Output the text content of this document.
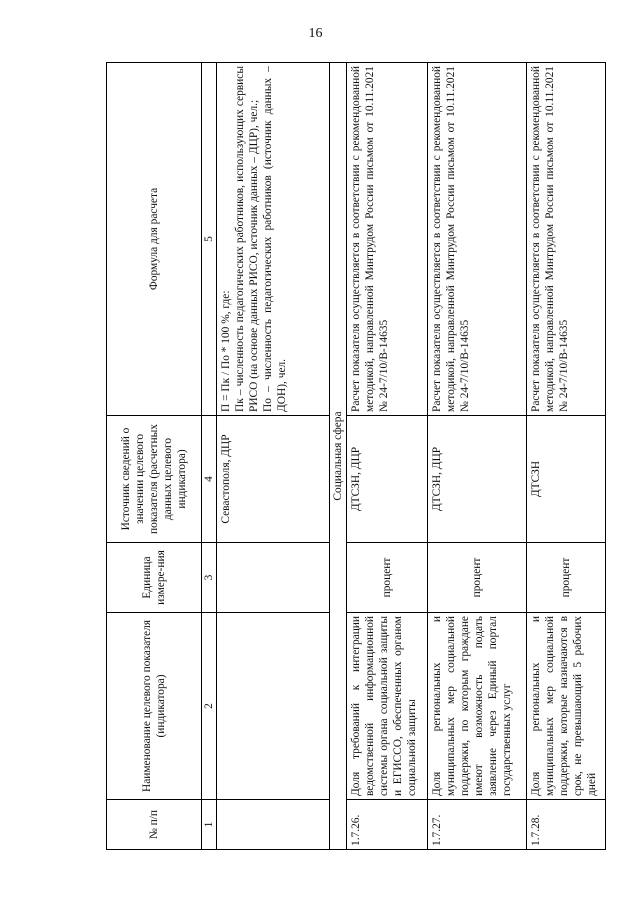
16
№ п/п	Наименование целевого показателя (индикатора)	Единица измере-ния	Источник сведений о значении целевого показателя (расчетных данных целевого индикатора)	Формула для расчета
1	2	3	4	5
			Севастополя, ДЦР	П = Пк / По * 100 %, где: Пк – численность педагогических работников, использующих сервисы РИСО (на основе данных РИСО, источник данных – ДЦР), чел.; По – численность педагогических работников (источник данных – ДОН), чел.

Социальная сфера				
1.7.26.	Доля требований к интеграции ведомственной информационной системы органа социальной защиты и ЕГИССО, обеспеченных органом социальной защиты	процент	ДТСЗН, ДЦР	Расчет показателя осуществляется в соответствии с рекомендованной методикой, направленной Минтрудом России письмом от 10.11.2021 № 24-7/10/В-14635
1.7.27.	Доля региональных и муниципальных мер социальной поддержки, по которым граждане имеют возможность подать заявление через Единый портал государственных услуг	процент	ДТСЗН, ДЦР	Расчет показателя осуществляется в соответствии с рекомендованной методикой, направленной Минтрудом России письмом от 10.11.2021 № 24-7/10/В-14635
1.7.28.	Доля региональных и муниципальных мер социальной поддержки, которые назначаются в срок, не превышающий 5 рабочих дней	процент	ДТСЗН	Расчет показателя осуществляется в соответствии с рекомендованной методикой, направленной Минтрудом России письмом от 10.11.2021 № 24-7/10/В-14635
